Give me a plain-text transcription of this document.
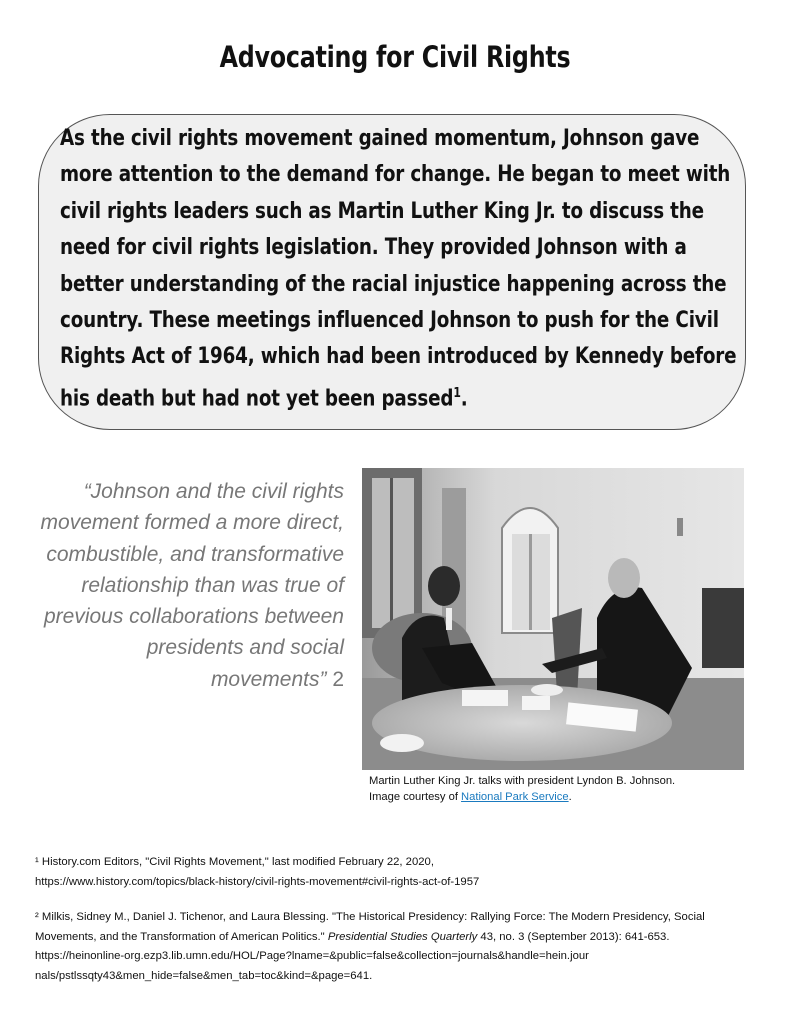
Advocating for Civil Rights

As the civil rights movement gained momentum, Johnson gave more attention to the demand for change. He began to meet with civil rights leaders such as Martin Luther King Jr. to discuss the need for civil rights legislation. They provided Johnson with a better understanding of the racial injustice happening across the country. These meetings influenced Johnson to push for the Civil Rights Act of 1964, which had been introduced by Kennedy before his death but had not yet been passed$^1$.

“Johnson and the civil rights movement formed a more direct, combustible, and transformative relationship than was true of previous collaborations between presidents and social movements” 2

Martin Luther King Jr. talks with president Lyndon B. Johnson.
Image courtesy of National Park Service.

¹ History.com Editors, "Civil Rights Movement," last modified February 22, 2020,
https://www.history.com/topics/black-history/civil-rights-movement#civil-rights-act-of-1957

² Milkis, Sidney M., Daniel J. Tichenor, and Laura Blessing. "The Historical Presidency: Rallying Force: The Modern Presidency, Social Movements, and the Transformation of American Politics." Presidential Studies Quarterly 43, no. 3 (September 2013): 641-653.
https://heinonline-org.ezp3.lib.umn.edu/HOL/Page?lname=&public=false&collection=journals&handle=hein.jour
nals/pstlssqty43&men_hide=false&men_tab=toc&kind=&page=641.
